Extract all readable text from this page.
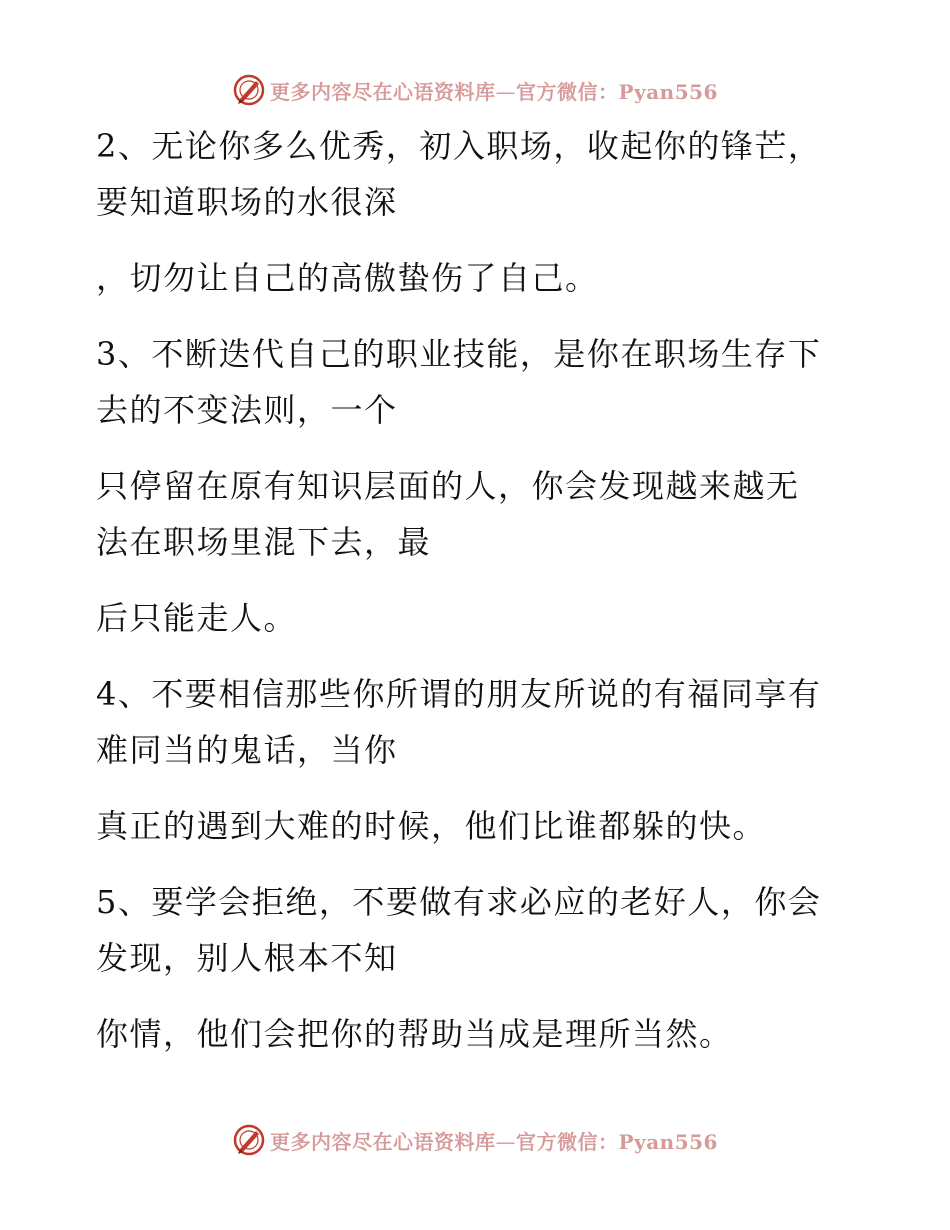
更多内容尽在心语资料库—官方微信：Pyan556
2、无论你多么优秀，初入职场，收起你的锋芒，
要知道职场的水很深
，切勿让自己的高傲蛰伤了自己。
3、不断迭代自己的职业技能，是你在职场生存下
去的不变法则，一个
只停留在原有知识层面的人，你会发现越来越无
法在职场里混下去，最
后只能走人。
4、不要相信那些你所谓的朋友所说的有福同享有
难同当的鬼话，当你
真正的遇到大难的时候，他们比谁都躲的快。
5、要学会拒绝，不要做有求必应的老好人，你会
发现，别人根本不知
你情，他们会把你的帮助当成是理所当然。
更多内容尽在心语资料库—官方微信：Pyan556
